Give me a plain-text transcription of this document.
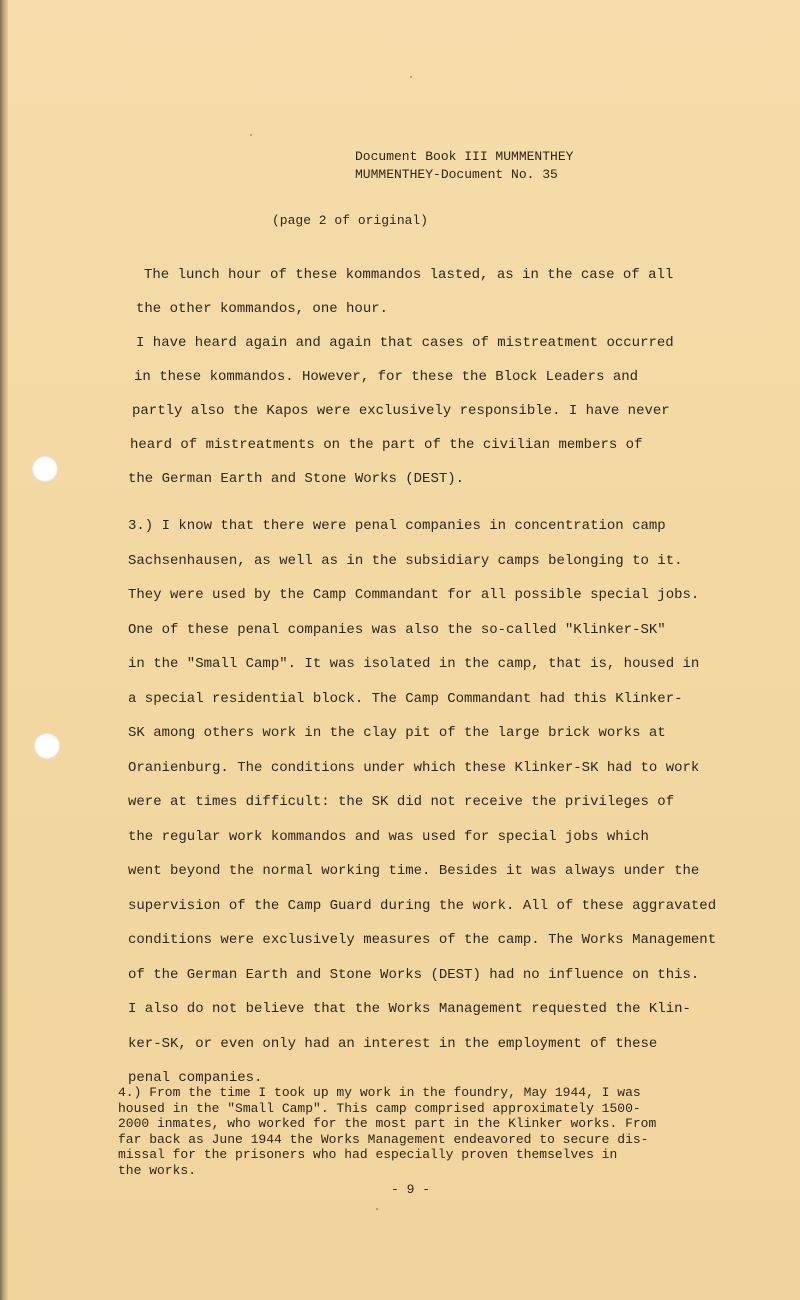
Document Book III MUMMENTHEY
MUMMENTHEY-Document No. 35
(page 2 of original)
The lunch hour of these kommandos lasted, as in the case of all
the other kommandos, one hour.
I have heard again and again that cases of mistreatment occurred
in these kommandos. However, for these the Block Leaders and
partly also the Kapos were exclusively responsible. I have never
heard of mistreatments on the part of the civilian members of
the German Earth and Stone Works (DEST).
3.) I know that there were penal companies in concentration camp
Sachsenhausen, as well as in the subsidiary camps belonging to it.
They were used by the Camp Commandant for all possible special jobs.
One of these penal companies was also the so-called "Klinker-SK"
in the "Small Camp". It was isolated in the camp, that is, housed in
a special residential block. The Camp Commandant had this Klinker-
SK among others work in the clay pit of the large brick works at
Oranienburg. The conditions under which these Klinker-SK had to work
were at times difficult: the SK did not receive the privileges of
the regular work kommandos and was used for special jobs which
went beyond the normal working time. Besides it was always under the
supervision of the Camp Guard during the work. All of these aggravated
conditions were exclusively measures of the camp. The Works Management
of the German Earth and Stone Works (DEST) had no influence on this.
I also do not believe that the Works Management requested the Klin-
ker-SK, or even only had an interest in the employment of these
penal companies.
4.) From the time I took up my work in the foundry, May 1944, I was
housed in the "Small Camp". This camp comprised approximately 1500-
2000 inmates, who worked for the most part in the Klinker works. From
far back as June 1944 the Works Management endeavored to secure dis-
missal for the prisoners who had especially proven themselves in
the works.
- 9 -
